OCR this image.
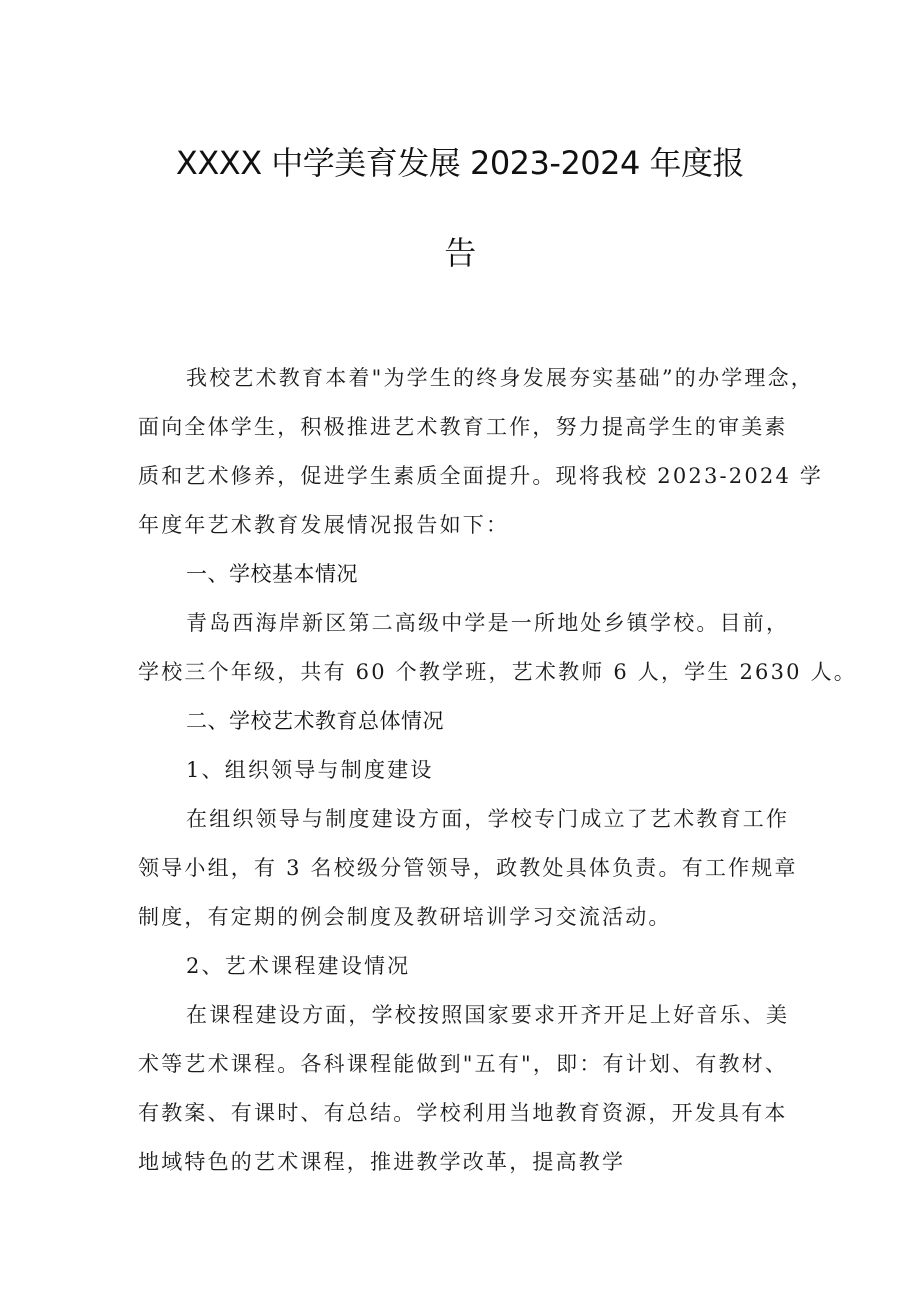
XXXX 中学美育发展 2023-2024 年度报
告
我校艺术教育本着"为学生的终身发展夯实基础”的办学理念，
面向全体学生，积极推进艺术教育工作，努力提高学生的审美素
质和艺术修养，促进学生素质全面提升。现将我校 2023-2024 学
年度年艺术教育发展情况报告如下：
一、学校基本情况
青岛西海岸新区第二高级中学是一所地处乡镇学校。目前，
学校三个年级，共有 60 个教学班，艺术教师 6 人，学生 2630 人。
二、学校艺术教育总体情况
1、组织领导与制度建设
在组织领导与制度建设方面，学校专门成立了艺术教育工作
领导小组，有 3 名校级分管领导，政教处具体负责。有工作规章
制度，有定期的例会制度及教研培训学习交流活动。
2、艺术课程建设情况
在课程建设方面，学校按照国家要求开齐开足上好音乐、美
术等艺术课程。各科课程能做到"五有"，即：有计划、有教材、
有教案、有课时、有总结。学校利用当地教育资源，开发具有本
地域特色的艺术课程，推进教学改革，提高教学
